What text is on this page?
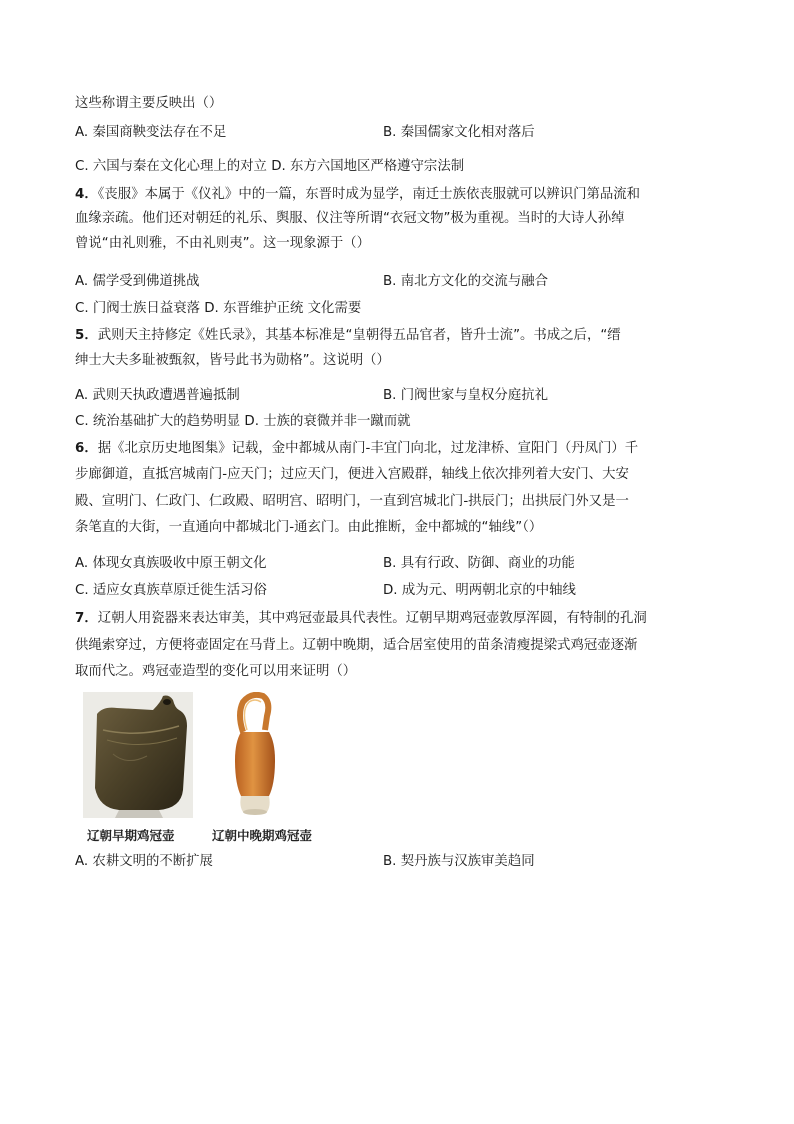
这些称谓主要反映出（）
A. 秦国商鞅变法存在不足	B. 秦国儒家文化相对落后
C. 六国与秦在文化心理上的对立 D. 东方六国地区严格遵守宗法制
4．《丧服》本属于《仪礼》中的一篇，东晋时成为显学，南迁士族依丧服就可以辨识门第品流和
血缘亲疏。他们还对朝廷的礼乐、舆服、仪注等所谓“衣冠文物”极为重视。当时的大诗人孙绰
曾说“由礼则雅，不由礼则夷”。这一现象源于（）
A. 儒学受到佛道挑战	B. 南北方文化的交流与融合
C. 门阀士族日益衰落 D. 东晋维护正统 文化需要
5．武则天主持修定《姓氏录》，其基本标准是“皇朝得五品官者，皆升士流”。书成之后，“缙
绅士大夫多耻被甄叙，皆号此书为勋格”。这说明（）
A. 武则天执政遭遇普遍抵制	B. 门阀世家与皇权分庭抗礼
C. 统治基础扩大的趋势明显 D. 士族的衰微并非一蹴而就
6．据《北京历史地图集》记载，金中都城从南门-丰宜门向北，过龙津桥、宣阳门（丹凤门）千
步廊御道，直抵宫城南门-应天门；过应天门，便进入宫殿群，轴线上依次排列着大安门、大安
殿、宣明门、仁政门、仁政殿、昭明宫、昭明门，一直到宫城北门-拱辰门；出拱辰门外又是一
条笔直的大街，一直通向中都城北门-通玄门。由此推断，金中都城的“轴线”（）
A. 体现女真族吸收中原王朝文化	B. 具有行政、防御、商业的功能
C. 适应女真族草原迁徙生活习俗	D. 成为元、明两朝北京的中轴线
7．辽朝人用瓷器来表达审美，其中鸡冠壶最具代表性。辽朝早期鸡冠壶敦厚浑圆，有特制的孔洞
供绳索穿过，方便将壶固定在马背上。辽朝中晚期，适合居室使用的苗条清瘦提梁式鸡冠壶逐渐
取而代之。鸡冠壶造型的变化可以用来证明（）
辽朝早期鸡冠壶	辽朝中晚期鸡冠壶
A. 农耕文明的不断扩展	B. 契丹族与汉族审美趋同
